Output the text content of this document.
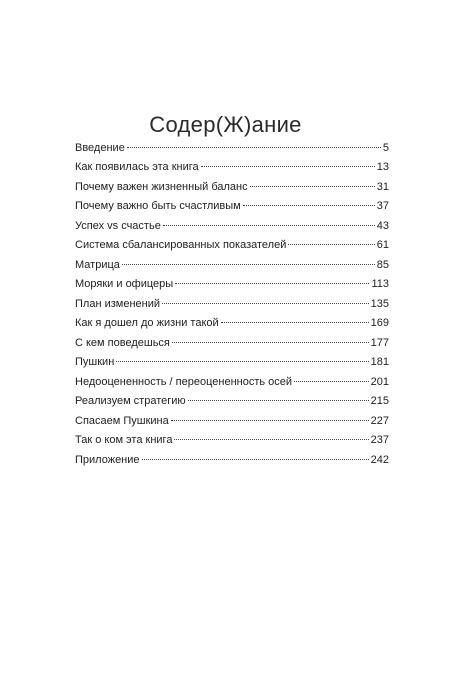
Содер(Ж)ание
Введение	5
Как появилась эта книга	13
Почему важен жизненный баланс	31
Почему важно быть счастливым	37
Успех vs счастье	43
Система сбалансированных показателей	61
Матрица	85
Моряки и офицеры	113
План изменений	135
Как я дошел до жизни такой	169
С кем поведешься	177
Пушкин	181
Недооцененность / переоцененность осей	201
Реализуем стратегию	215
Спасаем Пушкина	227
Так о ком эта книга	237
Приложение	242
